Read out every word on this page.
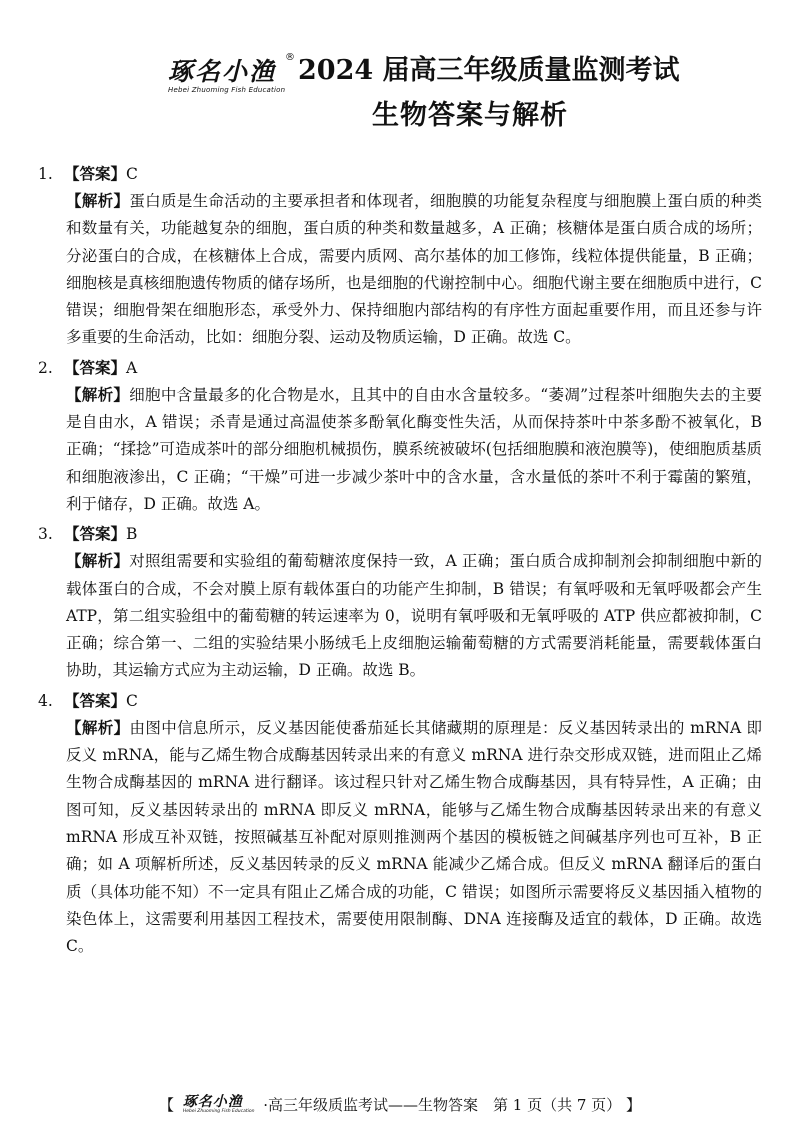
琢名小渔 ®
Hebei Zhuoming Fish Education
2024 届高三年级质量监测考试
生物答案与解析
1. 【答案】C
【解析】蛋白质是生命活动的主要承担者和体现者，细胞膜的功能复杂程度与细胞膜上蛋白质的种类和数量有关，功能越复杂的细胞，蛋白质的种类和数量越多，A 正确；核糖体是蛋白质合成的场所；分泌蛋白的合成，在核糖体上合成，需要内质网、高尔基体的加工修饰，线粒体提供能量，B 正确；细胞核是真核细胞遗传物质的储存场所，也是细胞的代谢控制中心。细胞代谢主要在细胞质中进行，C 错误；细胞骨架在细胞形态，承受外力、保持细胞内部结构的有序性方面起重要作用，而且还参与许多重要的生命活动，比如：细胞分裂、运动及物质运输，D 正确。故选 C。
2. 【答案】A
【解析】细胞中含量最多的化合物是水，且其中的自由水含量较多。“萎凋”过程茶叶细胞失去的主要是自由水，A 错误；杀青是通过高温使茶多酚氧化酶变性失活，从而保持茶叶中茶多酚不被氧化，B 正确；“揉捻”可造成茶叶的部分细胞机械损伤，膜系统被破坏(包括细胞膜和液泡膜等)，使细胞质基质和细胞液渗出，C 正确；“干燥”可进一步减少茶叶中的含水量，含水量低的茶叶不利于霉菌的繁殖，利于储存，D 正确。故选 A。
3. 【答案】B
【解析】对照组需要和实验组的葡萄糖浓度保持一致，A 正确；蛋白质合成抑制剂会抑制细胞中新的载体蛋白的合成，不会对膜上原有载体蛋白的功能产生抑制，B 错误；有氧呼吸和无氧呼吸都会产生 ATP，第二组实验组中的葡萄糖的转运速率为 0，说明有氧呼吸和无氧呼吸的 ATP 供应都被抑制，C 正确；综合第一、二组的实验结果小肠绒毛上皮细胞运输葡萄糖的方式需要消耗能量，需要载体蛋白协助，其运输方式应为主动运输，D 正确。故选 B。
4. 【答案】C
【解析】由图中信息所示，反义基因能使番茄延长其储藏期的原理是：反义基因转录出的 mRNA 即反义 mRNA，能与乙烯生物合成酶基因转录出来的有意义 mRNA 进行杂交形成双链，进而阻止乙烯生物合成酶基因的 mRNA 进行翻译。该过程只针对乙烯生物合成酶基因，具有特异性，A 正确；由图可知，反义基因转录出的 mRNA 即反义 mRNA，能够与乙烯生物合成酶基因转录出来的有意义 mRNA 形成互补双链，按照碱基互补配对原则推测两个基因的模板链之间碱基序列也可互补，B 正确；如 A 项解析所述，反义基因转录的反义 mRNA 能减少乙烯合成。但反义 mRNA 翻译后的蛋白质（具体功能不知）不一定具有阻止乙烯合成的功能，C 错误；如图所示需要将反义基因插入植物的染色体上，这需要利用基因工程技术，需要使用限制酶、DNA 连接酶及适宜的载体，D 正确。故选 C。
【 琢名小渔
Hebei Zhuoming Fish Education ·高三年级质监考试——生物答案　第 1 页（共 7 页） 】
